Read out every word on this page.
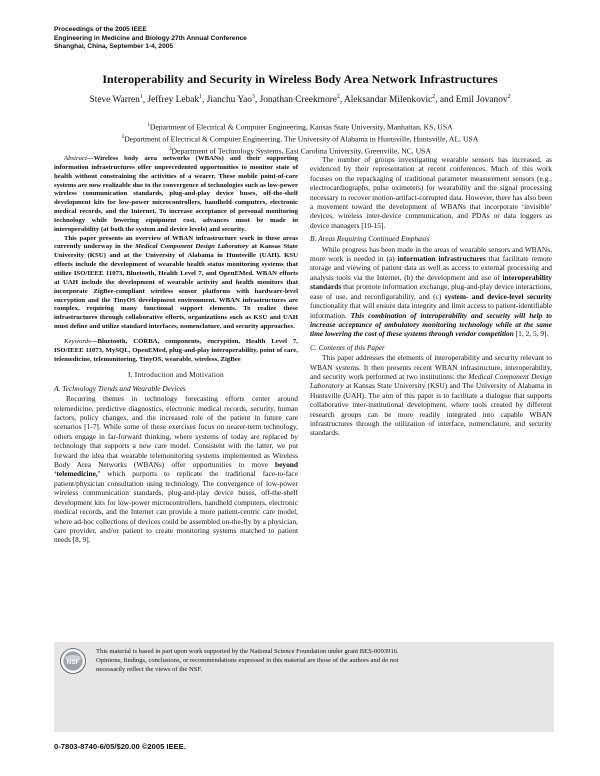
Proceedings of the 2005 IEEE
Engineering in Medicine and Biology 27th Annual Conference
Shanghai, China, September 1-4, 2005
Interoperability and Security in Wireless Body Area Network Infrastructures
Steve Warren$^1$, Jeffrey Lebak$^1$, Jianchu Yao$^3$, Jonathan Creekmore$^2$, Aleksandar Milenkovic$^2$, and Emil Jovanov$^2$
$^1$Department of Electrical & Computer Engineering, Kansas State University, Manhattan, KS, USA
$^2$Department of Electrical & Computer Engineering, The University of Alabama in Huntsville, Huntsville, AL, USA
$^3$Department of Technology Systems, East Carolina University, Greenville, NC, USA

Abstract—Wireless body area networks (WBANs) and their supporting information infrastructures offer unprecedented opportunities to monitor state of health without constraining the activities of a wearer. These mobile point-of-care systems are now realizable due to the convergence of technologies such as low-power wireless communication standards, plug-and-play device buses, off-the-shelf development kits for low-power microcontrollers, handheld computers, electronic medical records, and the Internet. To increase acceptance of personal monitoring technology while lowering equipment cost, advances must be made in interoperability (at both the system and device levels) and security.

This paper presents an overview of WBAN infrastructure work in these areas currently underway in the Medical Component Design Laboratory at Kansas State University (KSU) and at the University of Alabama in Huntsville (UAH). KSU efforts include the development of wearable health status monitoring systems that utilize ISO/IEEE 11073, Bluetooth, Health Level 7, and OpenEMed. WBAN efforts at UAH include the development of wearable activity and health monitors that incorporate ZigBee-compliant wireless sensor platforms with hardware-level encryption and the TinyOS development environment. WBAN infrastructures are complex, requiring many functional support elements. To realize these infrastructures through collaborative efforts, organizations such as KSU and UAH must define and utilize standard interfaces, nomenclature, and security approaches.

Keywords—Bluetooth, CORBA, components, encryption, Health Level 7, ISO/IEEE 11073, MySQL, OpenEMed, plug-and-play interoperability, point of care, telemedicine, telemonitoring, TinyOS, wearable, wireless, ZigBee
I. Introduction and Motivation
A. Technology Trends and Wearable Devices

Recurring themes in technology forecasting efforts center around telemedicine, predictive diagnostics, electronic medical records, security, human factors, policy changes, and the increased role of the patient in future care scenarios [1-7]. While some of these exercises focus on nearer-term technology, others engage in far-forward thinking, where systems of today are replaced by technology that supports a new care model. Consistent with the latter, we put forward the idea that wearable telemonitoring systems implemented as Wireless Body Area Networks (WBANs) offer opportunities to move beyond ‘telemedicine,’ which purports to replicate the traditional face-to-face patient/physician consultation using technology. The convergence of low-power wireless communication standards, plug-and-play device buses, off-the-shelf development kits for low-power microcontrollers, handheld computers, electronic medical records, and the Internet can provide a more patient-centric care model, where ad-hoc collections of devices could be assembled on-the-fly by a physician, care provider, and/or patient to create monitoring systems matched to patient needs [8, 9].

The number of groups investigating wearable sensors has increased, as evidenced by their representation at recent conferences. Much of this work focuses on the repackaging of traditional parameter measurement sensors (e.g., electrocardiographs, pulse oximeters) for wearability and the signal processing necessary to recover motion-artifact-corrupted data. However, there has also been a movement toward the development of WBANs that incorporate ‘invisible’ devices, wireless inter-device communication, and PDAs or data loggers as device managers [10-15].

B. Areas Requiring Continued Emphasis

While progress has been made in the areas of wearable sensors and WBANs, more work is needed in (a) information infrastructures that facilitate remote storage and viewing of patient data as well as access to external processing and analysis tools via the Internet, (b) the development and use of interoperability standards that promote information exchange, plug-and-play device interactions, ease of use, and reconfigurability, and (c) system- and device-level security functionality that will ensure data integrity and limit access to patient-identifiable information. This combination of interoperability and security will help to increase acceptance of ambulatory monitoring technology while at the same time lowering the cost of these systems through vendor competition [1, 2, 5, 9].

C. Contents of this Paper

This paper addresses the elements of interoperability and security relevant to WBAN systems. It then presents recent WBAN infrastructure, interoperability, and security work performed at two institutions: the Medical Component Design Laboratory at Kansas State University (KSU) and The University of Alabama in Huntsville (UAH). The aim of this paper is to facilitate a dialogue that supports collaborative inter-institutional development, where tools created by different research groups can be more readily integrated into capable WBAN infrastructures through the utilization of interface, nomenclature, and security standards.

NSF
This material is based in part upon work supported by the National Science Foundation under grant BES-0093916.
Opinions, findings, conclusions, or recommendations expressed in this material are those of the authors and do not
necessarily reflect the views of the NSF.
0-7803-8740-6/05/$20.00 ©2005 IEEE.
